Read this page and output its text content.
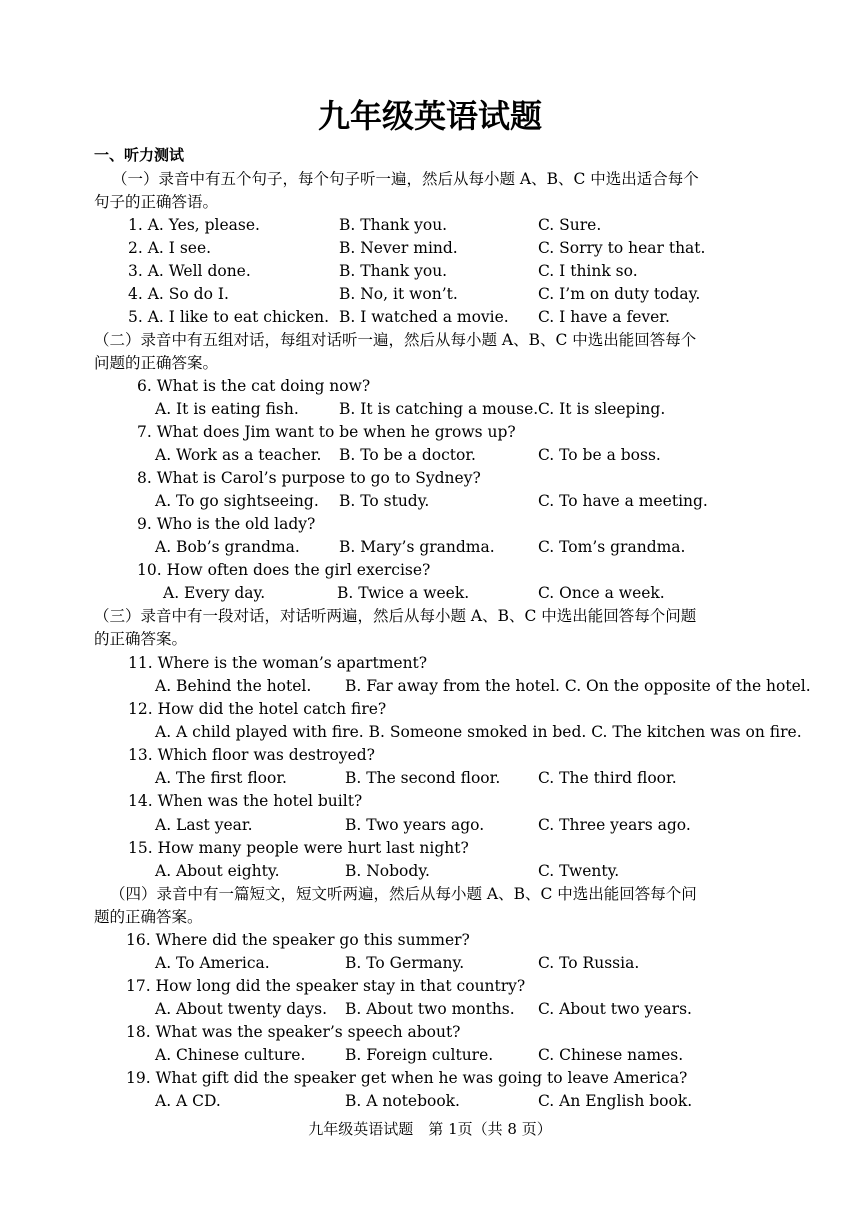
九年级英语试题
一、听力测试
（一）录音中有五个句子，每个句子听一遍，然后从每小题 A、B、C 中选出适合每个
句子的正确答语。
1. A. Yes, please.	B. Thank you.	C. Sure.
2. A. I see.	B. Never mind.	C. Sorry to hear that.
3. A. Well done.	B. Thank you.	C. I think so.
4. A. So do I.	B. No, it won’t.	C. I’m on duty today.
5. A. I like to eat chicken. B. I watched a movie. C. I have a fever.
（二）录音中有五组对话，每组对话听一遍，然后从每小题 A、B、C 中选出能回答每个
问题的正确答案。
6. What is the cat doing now?
A. It is eating fish.	B. It is catching a mouse. C. It is sleeping.
7. What does Jim want to be when he grows up?
A. Work as a teacher. B. To be a doctor.	C. To be a boss.
8. What is Carol’s purpose to go to Sydney?
A. To go sightseeing. B. To study.	C. To have a meeting.
9. Who is the old lady?
A. Bob’s grandma.	B. Mary’s grandma.	C. Tom’s grandma.
10. How often does the girl exercise?
A. Every day.	B. Twice a week.	C. Once a week.
（三）录音中有一段对话，对话听两遍，然后从每小题 A、B、C 中选出能回答每个问题
的正确答案。
11. Where is the woman’s apartment?
A. Behind the hotel. B. Far away from the hotel. C. On the opposite of the hotel.
12. How did the hotel catch fire?
A. A child played with fire. B. Someone smoked in bed. C. The kitchen was on fire.
13. Which floor was destroyed?
A. The first floor.	B. The second floor. C. The third floor.
14. When was the hotel built?
A. Last year.	B. Two years ago.	C. Three years ago.
15. How many people were hurt last night?
A. About eighty.	B. Nobody.	C. Twenty.
（四）录音中有一篇短文，短文听两遍，然后从每小题 A、B、C 中选出能回答每个问
题的正确答案。
16. Where did the speaker go this summer?
A. To America.	B. To Germany.	C. To Russia.
17. How long did the speaker stay in that country?
A. About twenty days. B. About two months. C. About two years.
18. What was the speaker’s speech about?
A. Chinese culture.	B. Foreign culture.	C. Chinese names.
19. What gift did the speaker get when he was going to leave America?
A. A CD.	B. A notebook.	C. An English book.
九年级英语试题　第 1页（共 8 页）
